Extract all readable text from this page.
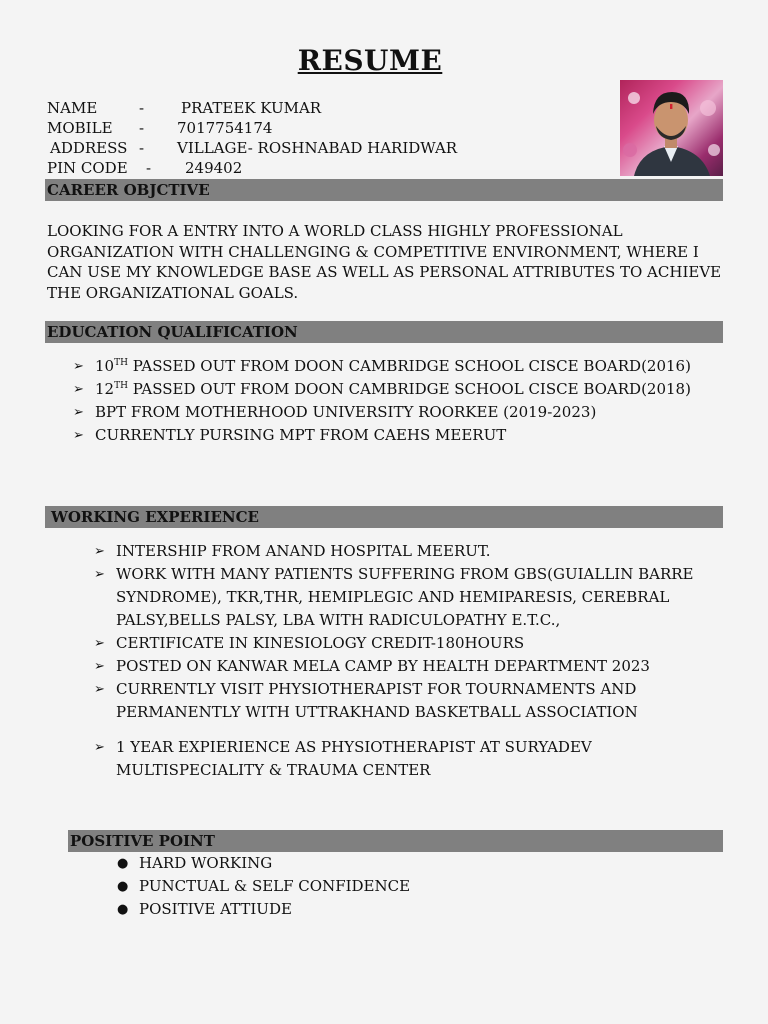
RESUME
NAME	- PRATEEK KUMAR
MOBILE - 7017754174
ADDRESS - VILLAGE- ROSHNABAD HARIDWAR
PIN CODE - 249402
CAREER OBJCTIVE
LOOKING FOR A ENTRY INTO A WORLD CLASS HIGHLY PROFESSIONAL ORGANIZATION WITH CHALLENGING & COMPETITIVE ENVIRONMENT, WHERE I CAN USE MY KNOWLEDGE BASE AS WELL AS PERSONAL ATTRIBUTES TO ACHIEVE THE ORGANIZATIONAL GOALS.
EDUCATION QUALIFICATION
➢ 10TH PASSED OUT FROM DOON CAMBRIDGE SCHOOL CISCE BOARD(2016)
➢ 12TH PASSED OUT FROM DOON CAMBRIDGE SCHOOL CISCE BOARD(2018)
➢ BPT FROM MOTHERHOOD UNIVERSITY ROORKEE (2019-2023)
➢ CURRENTLY PURSING MPT FROM CAEHS MEERUT
WORKING EXPERIENCE
➢ INTERSHIP FROM ANAND HOSPITAL MEERUT.
➢ WORK WITH MANY PATIENTS SUFFERING FROM GBS(GUIALLIN BARRE SYNDROME), TKR,THR, HEMIPLEGIC AND HEMIPARESIS, CEREBRAL PALSY,BELLS PALSY, LBA WITH RADICULOPATHY E.T.C.,
➢ CERTIFICATE IN KINESIOLOGY CREDIT-180HOURS
➢ POSTED ON KANWAR MELA CAMP BY HEALTH DEPARTMENT 2023
➢ CURRENTLY VISIT PHYSIOTHERAPIST FOR TOURNAMENTS AND PERMANENTLY WITH UTTRAKHAND BASKETBALL ASSOCIATION
➢ 1 YEAR EXPIERIENCE AS PHYSIOTHERAPIST AT SURYADEV MULTISPECIALITY & TRAUMA CENTER
POSITIVE POINT
● HARD WORKING
● PUNCTUAL & SELF CONFIDENCE
● POSITIVE ATTIUDE
